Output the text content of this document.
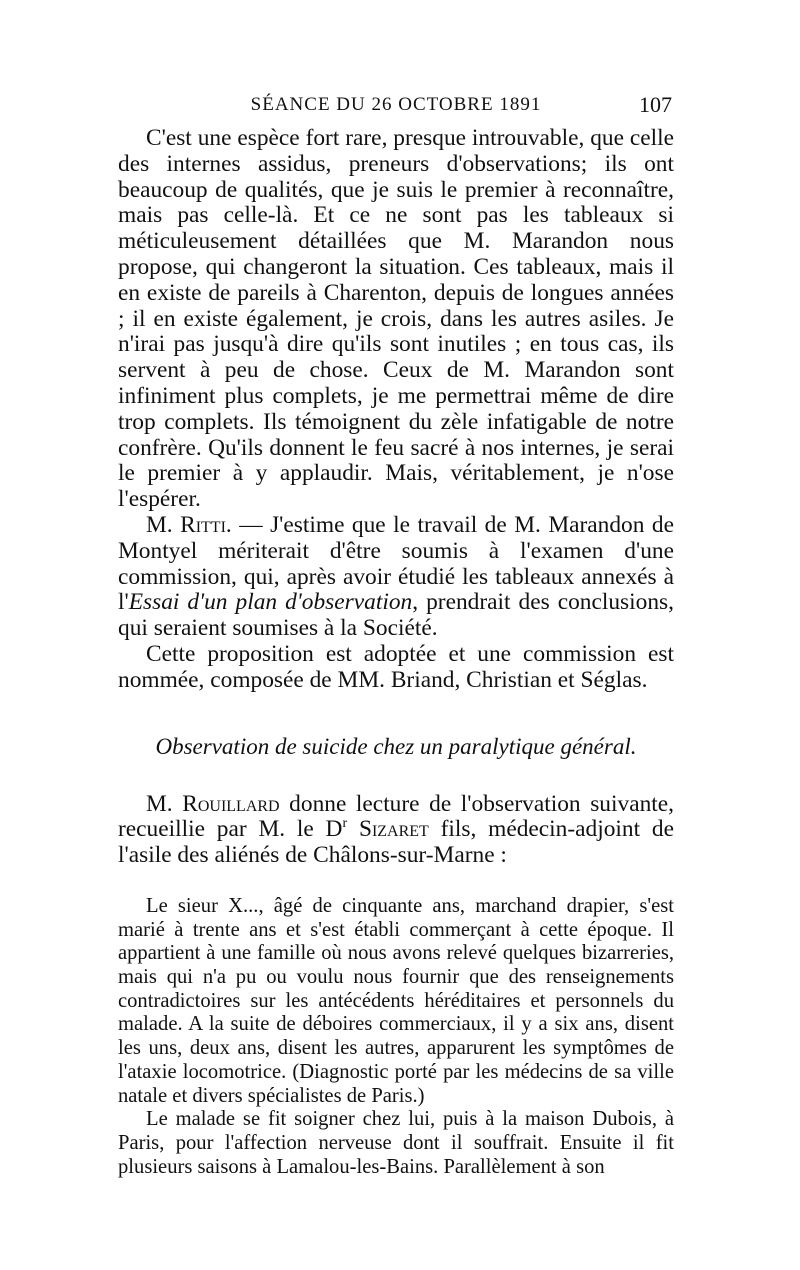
SÉANCE DU 26 OCTOBRE 1891	107

C'est une espèce fort rare, presque introuvable, que celle des internes assidus, preneurs d'observations; ils ont beaucoup de qualités, que je suis le premier à reconnaître, mais pas celle-là. Et ce ne sont pas les tableaux si méticuleusement détaillées que M. Marandon nous propose, qui changeront la situation. Ces tableaux, mais il en existe de pareils à Charenton, depuis de longues années ; il en existe également, je crois, dans les autres asiles. Je n'irai pas jusqu'à dire qu'ils sont inutiles ; en tous cas, ils servent à peu de chose. Ceux de M. Marandon sont infiniment plus complets, je me permettrai même de dire trop complets. Ils témoignent du zèle infatigable de notre confrère. Qu'ils donnent le feu sacré à nos internes, je serai le premier à y applaudir. Mais, véritablement, je n'ose l'espérer.

M. Ritti. — J'estime que le travail de M. Marandon de Montyel mériterait d'être soumis à l'examen d'une commission, qui, après avoir étudié les tableaux annexés à l'Essai d'un plan d'observation, prendrait des conclusions, qui seraient soumises à la Société.

Cette proposition est adoptée et une commission est nommée, composée de MM. Briand, Christian et Séglas.

Observation de suicide chez un paralytique général.

M. Rouillard donne lecture de l'observation suivante, recueillie par M. le $D^r$ Sizaret fils, médecin-adjoint de l'asile des aliénés de Châlons-sur-Marne :

Le sieur X..., âgé de cinquante ans, marchand drapier, s'est marié à trente ans et s'est établi commerçant à cette époque. Il appartient à une famille où nous avons relevé quelques bizarreries, mais qui n'a pu ou voulu nous fournir que des renseignements contradictoires sur les antécédents héréditaires et personnels du malade. A la suite de déboires commerciaux, il y a six ans, disent les uns, deux ans, disent les autres, apparurent les symptômes de l'ataxie locomotrice. (Diagnostic porté par les médecins de sa ville natale et divers spécialistes de Paris.)

Le malade se fit soigner chez lui, puis à la maison Dubois, à Paris, pour l'affection nerveuse dont il souffrait. Ensuite il fit plusieurs saisons à Lamalou-les-Bains. Parallèlement à son
